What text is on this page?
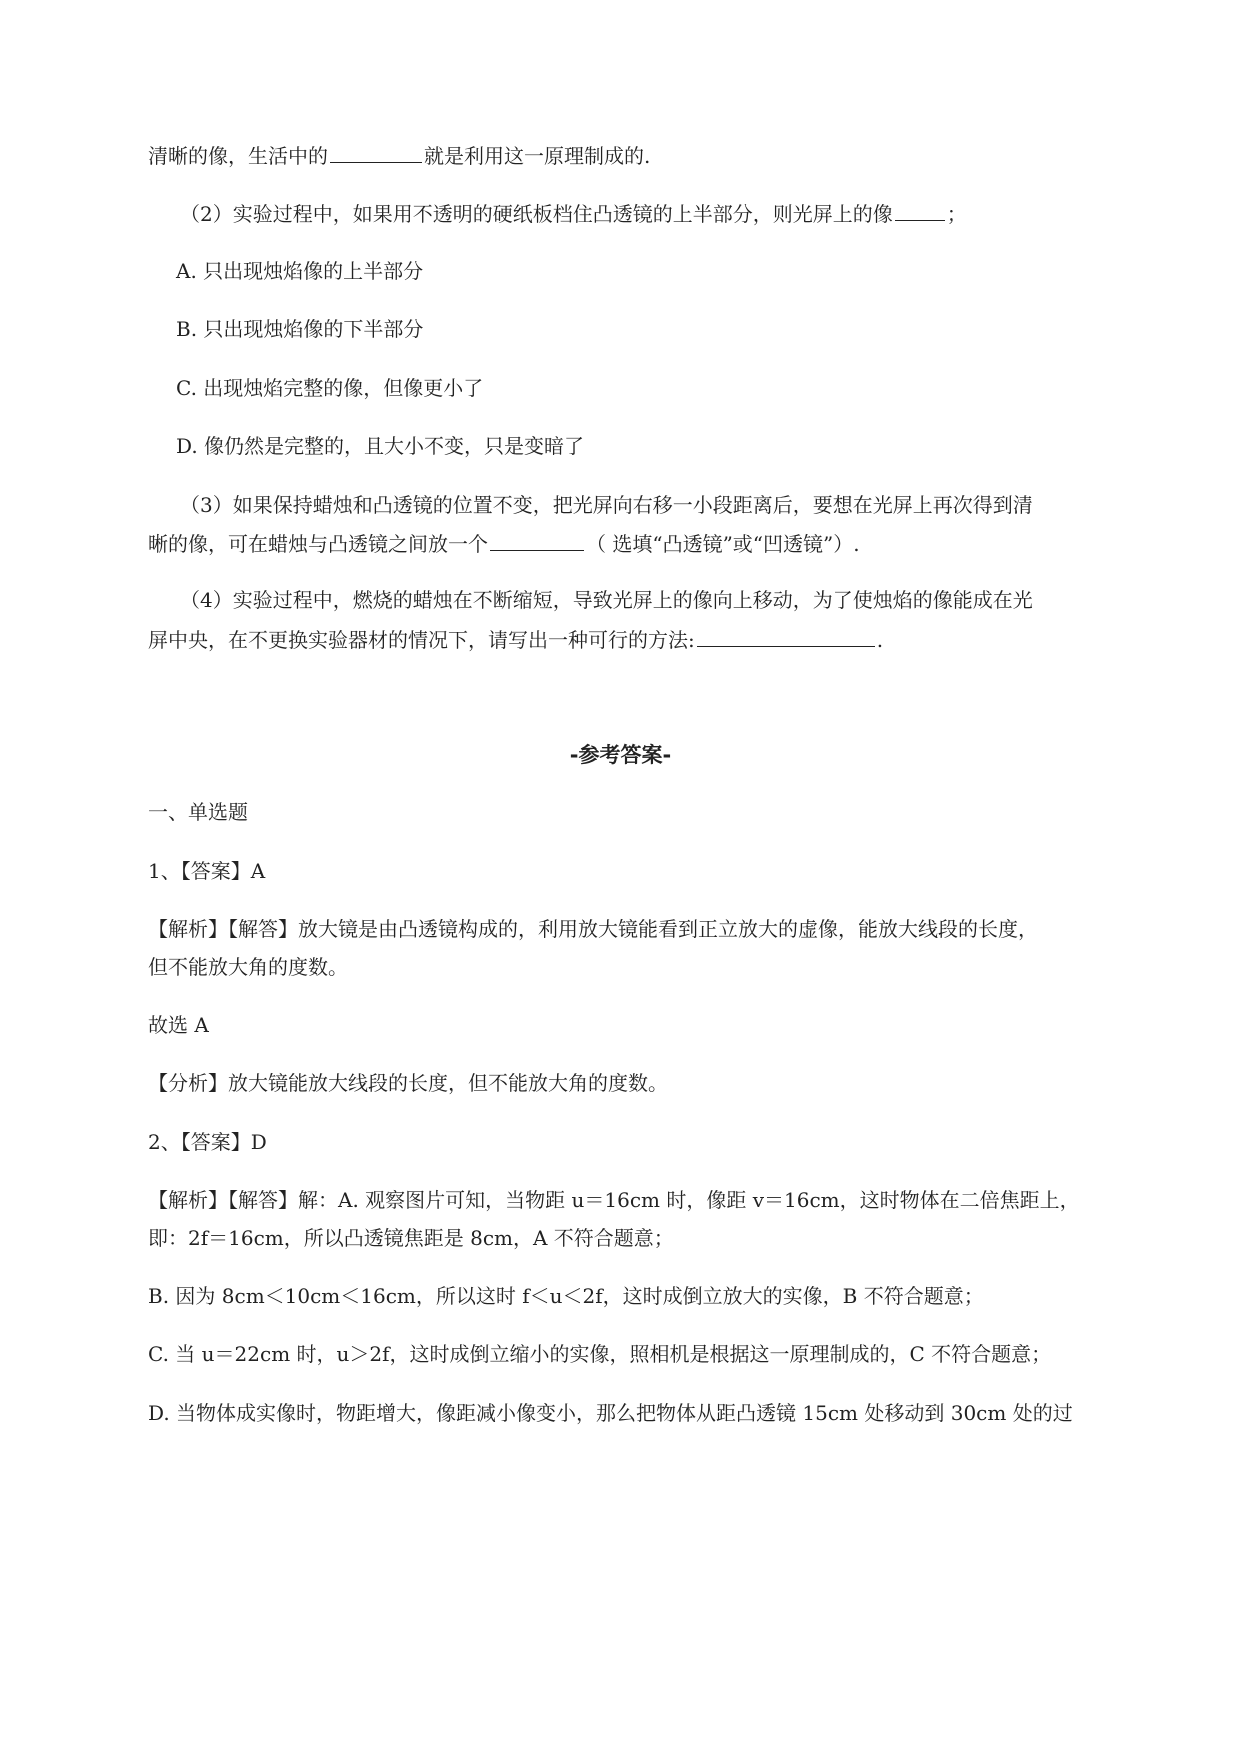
清晰的像，生活中的	就是利用这一原理制成的.
（2）实验过程中，如果用不透明的硬纸板档住凸透镜的上半部分，则光屏上的像	；
A. 只出现烛焰像的上半部分
B. 只出现烛焰像的下半部分
C. 出现烛焰完整的像，但像更小了
D. 像仍然是完整的，且大小不变，只是变暗了
（3）如果保持蜡烛和凸透镜的位置不变，把光屏向右移一小段距离后，要想在光屏上再次得到清
晰的像，可在蜡烛与凸透镜之间放一个	（ 选填“凸透镜”或“凹透镜”）.
（4）实验过程中，燃烧的蜡烛在不断缩短，导致光屏上的像向上移动，为了使烛焰的像能成在光
屏中央，在不更换实验器材的情况下，请写出一种可行的方法:	.
-参考答案-
一、单选题
1、【答案】A
【解析】【解答】放大镜是由凸透镜构成的，利用放大镜能看到正立放大的虚像，能放大线段的长度，
但不能放大角的度数。
故选 A
【分析】放大镜能放大线段的长度，但不能放大角的度数。
2、【答案】D
【解析】【解答】解：A. 观察图片可知，当物距 u＝16cm 时，像距 v＝16cm，这时物体在二倍焦距上，
即：2f＝16cm，所以凸透镜焦距是 8cm，A 不符合题意；
B. 因为 8cm＜10cm＜16cm，所以这时 f＜u＜2f，这时成倒立放大的实像，B 不符合题意；
C. 当 u＝22cm 时，u＞2f，这时成倒立缩小的实像，照相机是根据这一原理制成的，C 不符合题意；
D. 当物体成实像时，物距增大，像距减小像变小，那么把物体从距凸透镜 15cm 处移动到 30cm 处的过
